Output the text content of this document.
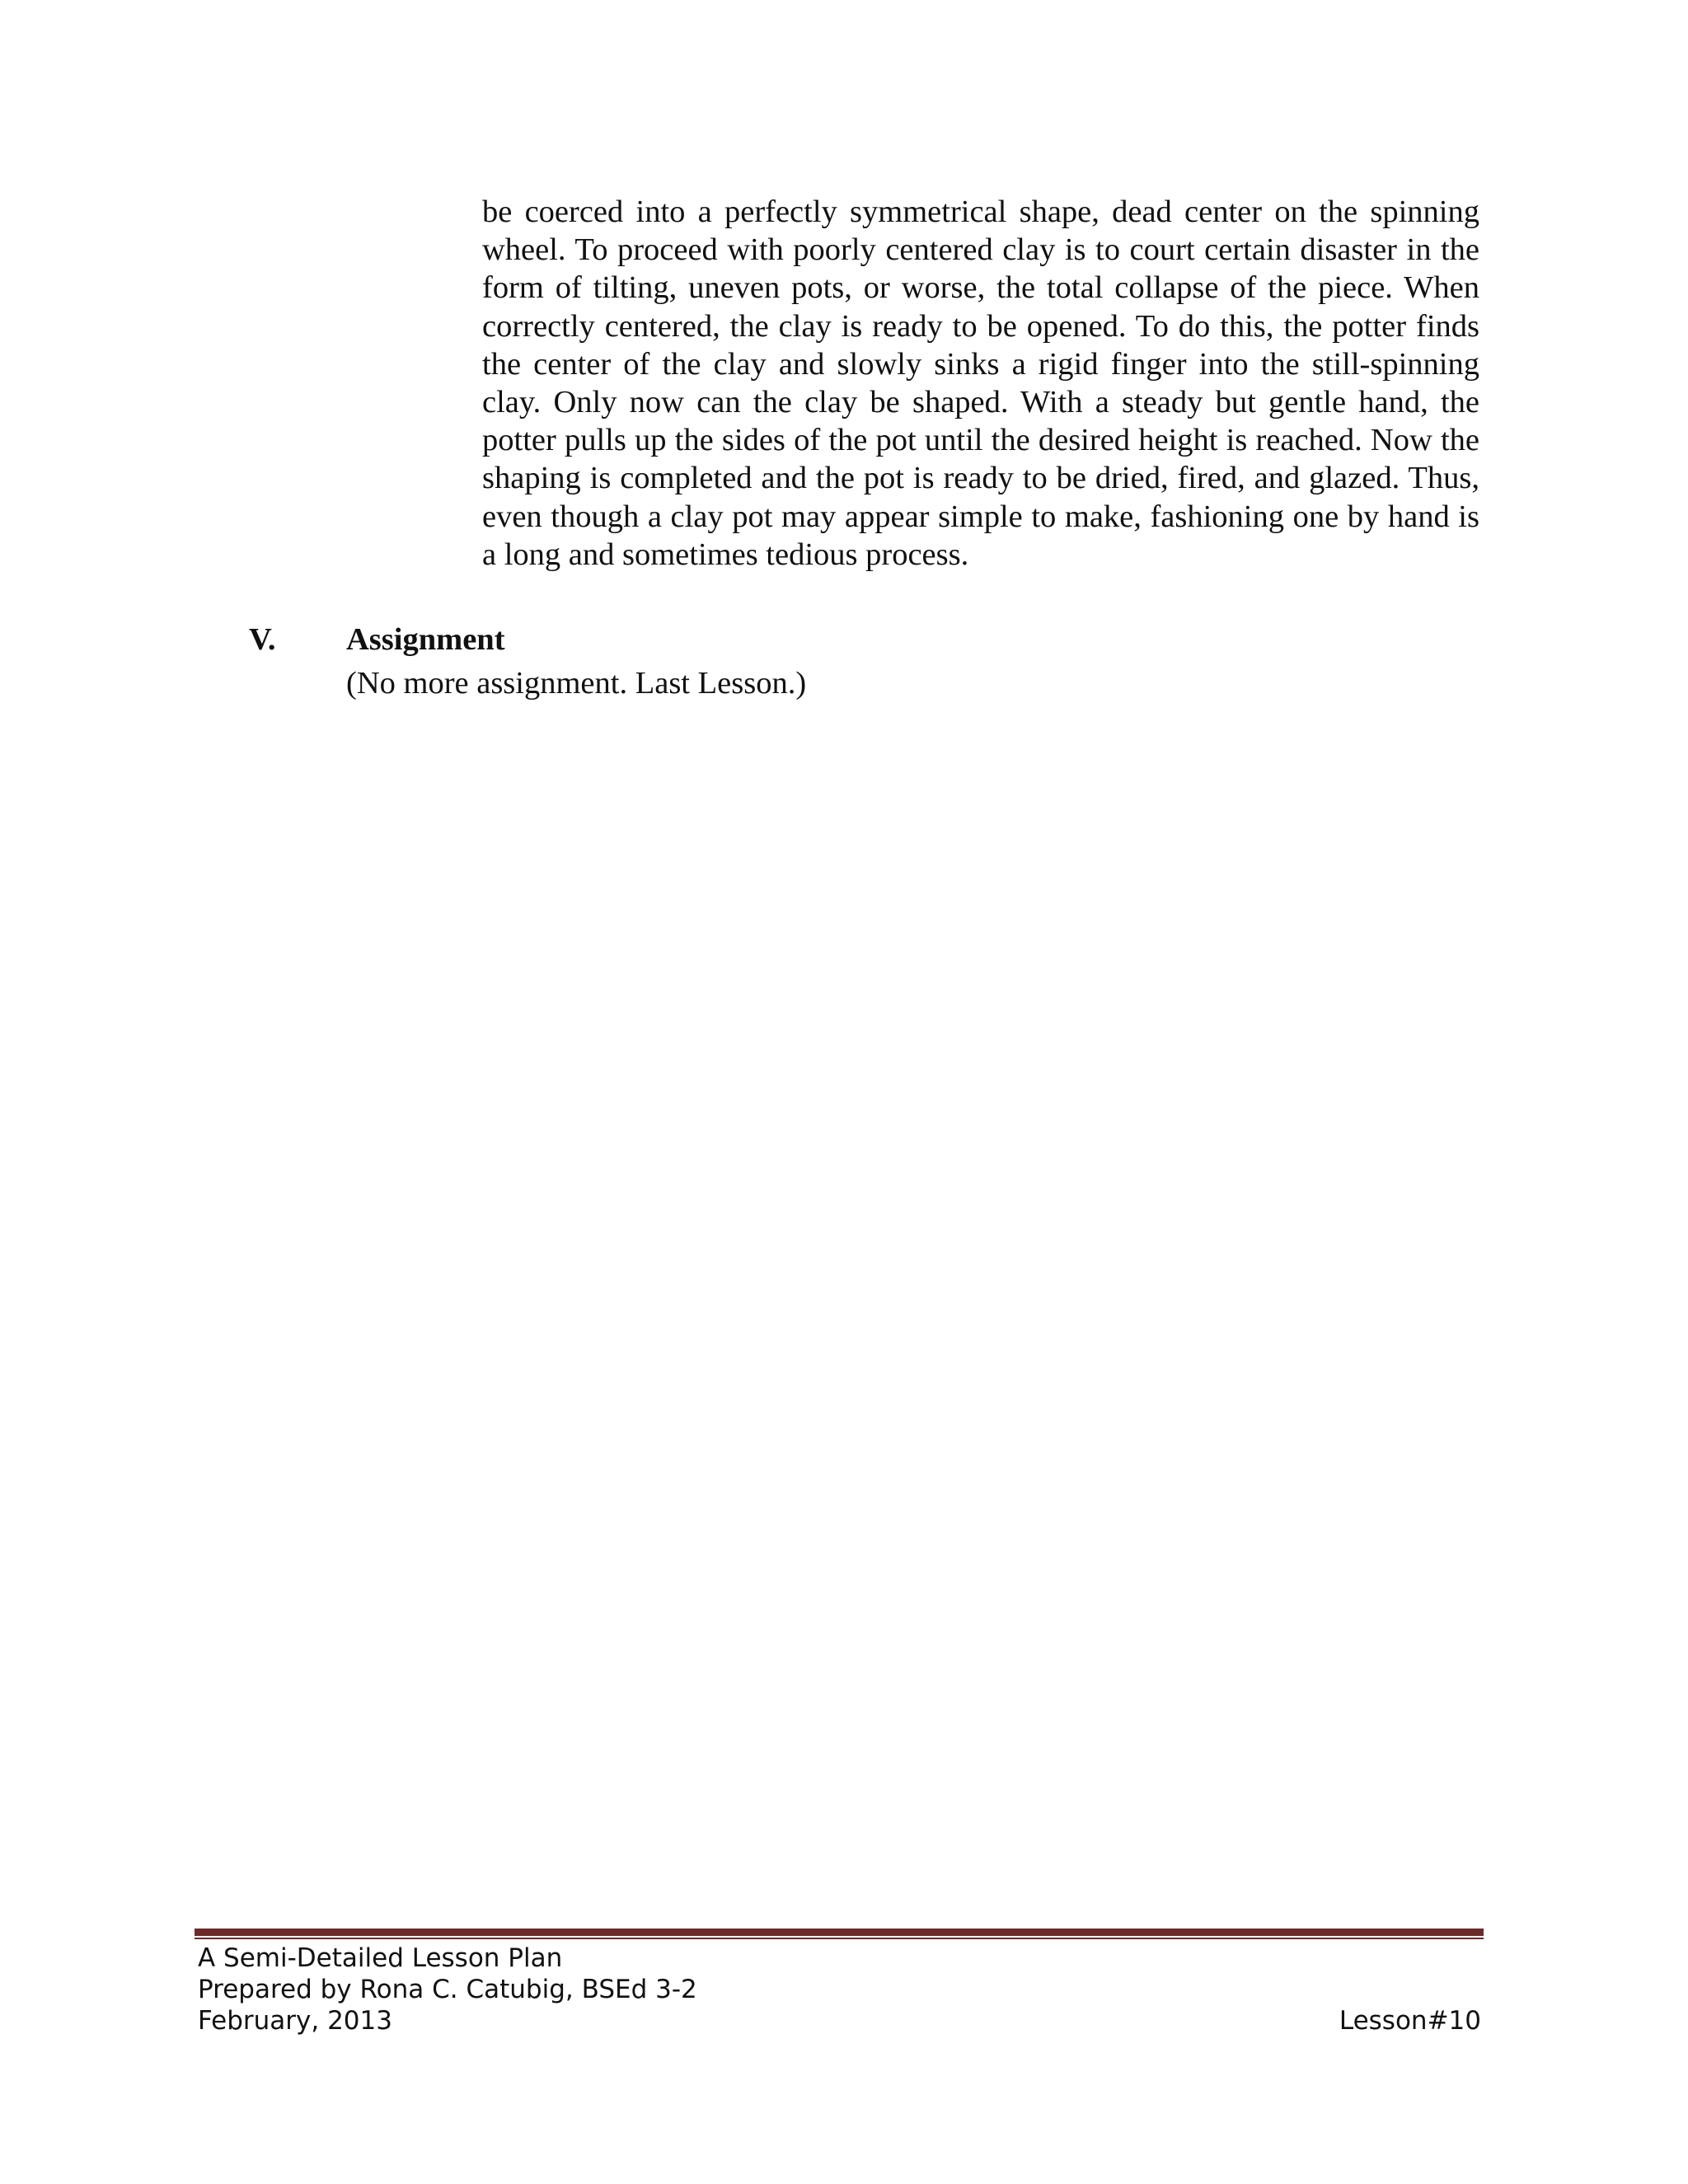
be coerced into a perfectly symmetrical shape, dead center on the spinning wheel. To proceed with poorly centered clay is to court certain disaster in the form of tilting, uneven pots, or worse, the total collapse of the piece. When correctly centered, the clay is ready to be opened. To do this, the potter finds the center of the clay and slowly sinks a rigid finger into the still-spinning clay. Only now can the clay be shaped. With a steady but gentle hand, the potter pulls up the sides of the pot until the desired height is reached. Now the shaping is completed and the pot is ready to be dried, fired, and glazed. Thus, even though a clay pot may appear simple to make, fashioning one by hand is a long and sometimes tedious process.

V. Assignment
(No more assignment. Last Lesson.)
A Semi-Detailed Lesson Plan
Prepared by Rona C. Catubig, BSEd 3-2
February, 2013	Lesson#10
